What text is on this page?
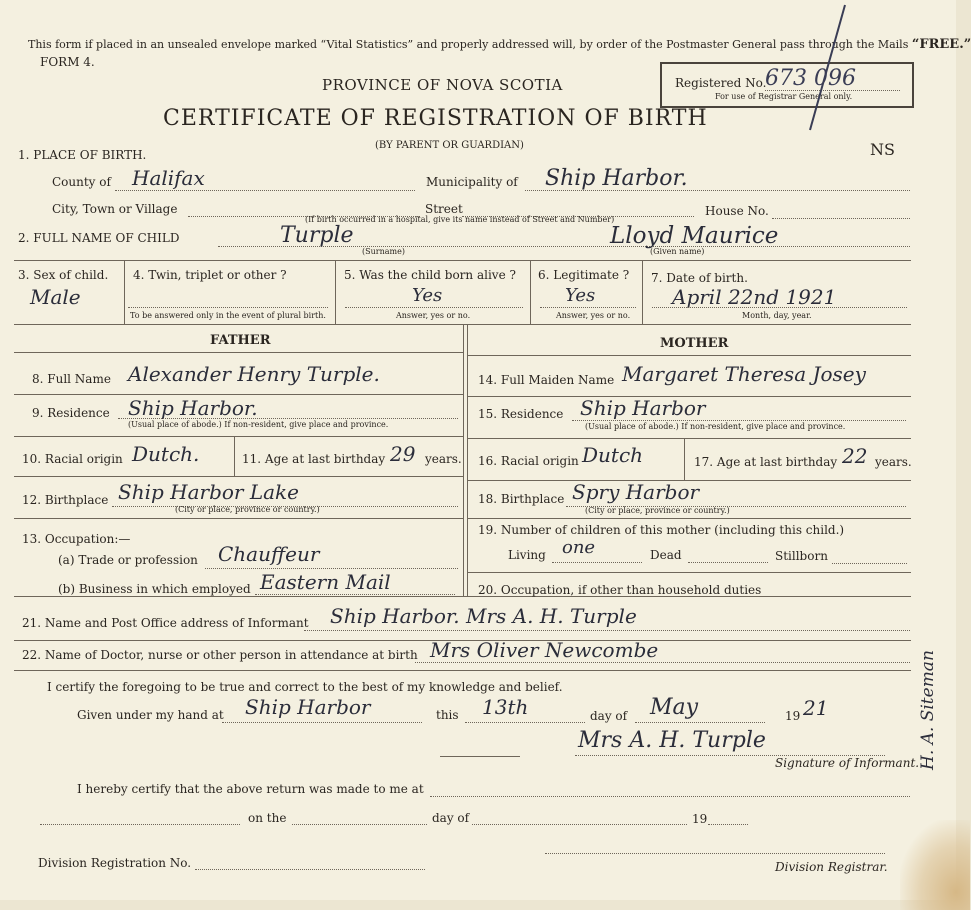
This form if placed in an unsealed envelope marked “Vital Statistics” and properly addressed will, by order of the Postmaster General pass through the Mails “FREE.”
FORM 4.
PROVINCE OF NOVA SCOTIA
CERTIFICATE OF REGISTRATION OF BIRTH
(BY PARENT OR GUARDIAN)
Registered No.
673 096
For use of Registrar General only.
NS
1. PLACE OF BIRTH.
County of Halifax	Municipality of Ship Harbor.
City, Town or Village	Street	House No.
(If birth occurred in a hospital, give its name instead of Street and Number)
2. FULL NAME OF CHILD	Turple
(Surname)
Lloyd Maurice
(Given name)
3. Sex of child.
Male
4. Twin, triplet or other ?
To be answered only in the event of plural birth.
5. Was the child born alive ?
Yes
Answer, yes or no.
6. Legitimate ?
Yes
Answer, yes or no.
7. Date of birth.
April 22nd 1921
Month, day, year.
FATHER	MOTHER
8. Full Name Alexander Henry Turple.
9. Residence Ship Harbor.
(Usual place of abode.) If non-resident, give place and province.
10. Racial origin Dutch.	11. Age at last birthday 29 years.
12. Birthplace Ship Harbor Lake
(City or place, province or country.)
13. Occupation:—
(a) Trade or profession Chauffeur
(b) Business in which employed Eastern Mail
14. Full Maiden Name Margaret Theresa Josey
15. Residence Ship Harbor
(Usual place of abode.) If non-resident, give place and province.
16. Racial origin Dutch	17. Age at last birthday 22 years.
18. Birthplace Spry Harbor
(City or place, province or country.)
19. Number of children of this mother (including this child.)
Living one	Dead	Stillborn
20. Occupation, if other than household duties
21. Name and Post Office address of Informant Ship Harbor. Mrs A. H. Turple
22. Name of Doctor, nurse or other person in attendance at birth Mrs Oliver Newcombe
I certify the foregoing to be true and correct to the best of my knowledge and belief.
Given under my hand at Ship Harbor	this 13th	day of May	19 21
Mrs A. H. Turple
Signature of Informant.
I hereby certify that the above return was made to me at
on the	day of	19
Division Registration No.	Division Registrar.
H. A. Siteman
